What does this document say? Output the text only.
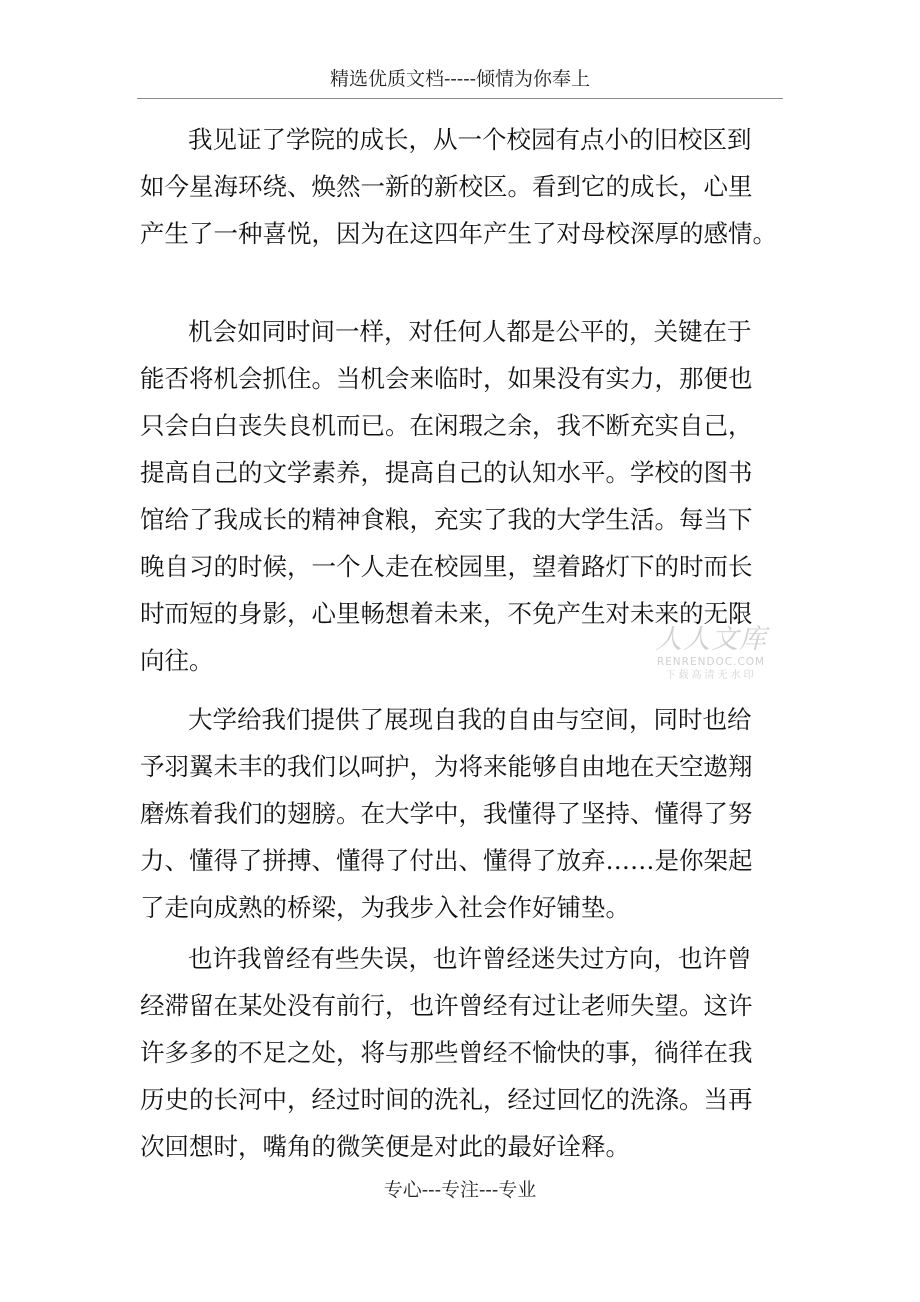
精选优质文档-----倾情为你奉上
我见证了学院的成长，从一个校园有点小的旧校区到
如今星海环绕、焕然一新的新校区。看到它的成长，心里
产生了一种喜悦，因为在这四年产生了对母校深厚的感情。
机会如同时间一样，对任何人都是公平的，关键在于
能否将机会抓住。当机会来临时，如果没有实力，那便也
只会白白丧失良机而已。在闲瑕之余，我不断充实自己，
提高自己的文学素养，提高自己的认知水平。学校的图书
馆给了我成长的精神食粮，充实了我的大学生活。每当下
晚自习的时候，一个人走在校园里，望着路灯下的时而长
时而短的身影，心里畅想着未来，不免产生对未来的无限
向往。
大学给我们提供了展现自我的自由与空间，同时也给
予羽翼未丰的我们以呵护，为将来能够自由地在天空遨翔
磨炼着我们的翅膀。在大学中，我懂得了坚持、懂得了努
力、懂得了拼搏、懂得了付出、懂得了放弃……是你架起
了走向成熟的桥梁，为我步入社会作好铺垫。
也许我曾经有些失误，也许曾经迷失过方向，也许曾
经滞留在某处没有前行，也许曾经有过让老师失望。这许
许多多的不足之处，将与那些曾经不愉快的事，徜徉在我
历史的长河中，经过时间的洗礼，经过回忆的洗涤。当再
次回想时，嘴角的微笑便是对此的最好诠释。
人人文库
RENRENDOC.COM
下载高清无水印
专心---专注---专业
